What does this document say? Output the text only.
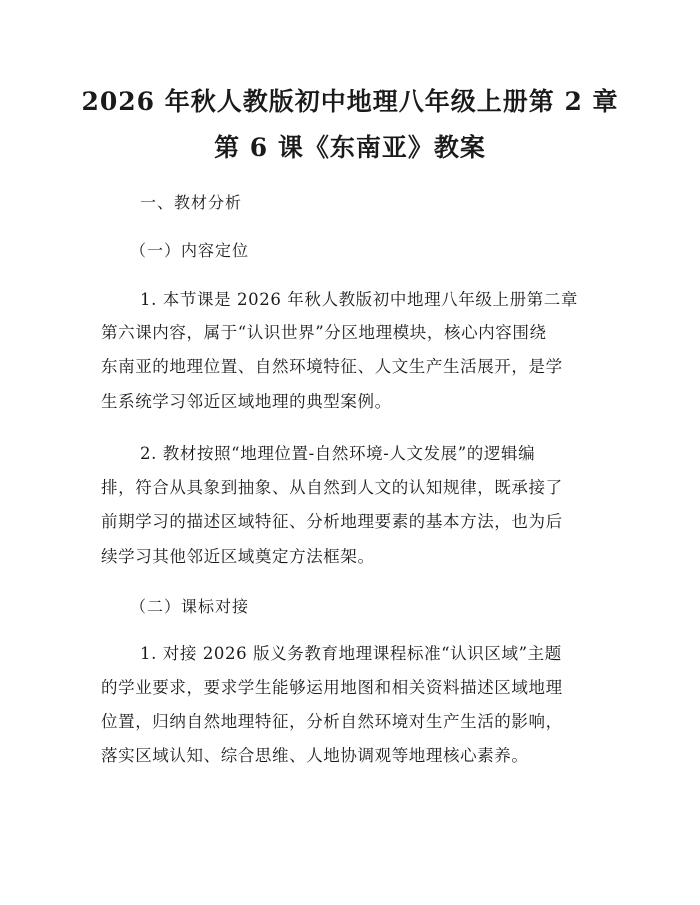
2026 年秋人教版初中地理八年级上册第 2 章
第 6 课《东南亚》教案
一、教材分析
（一）内容定位
1. 本节课是 2026 年秋人教版初中地理八年级上册第二章
第六课内容，属于“认识世界”分区地理模块，核心内容围绕
东南亚的地理位置、自然环境特征、人文生产生活展开，是学
生系统学习邻近区域地理的典型案例。
2. 教材按照“地理位置-自然环境-人文发展”的逻辑编
排，符合从具象到抽象、从自然到人文的认知规律，既承接了
前期学习的描述区域特征、分析地理要素的基本方法，也为后
续学习其他邻近区域奠定方法框架。
（二）课标对接
1. 对接 2026 版义务教育地理课程标准“认识区域”主题
的学业要求，要求学生能够运用地图和相关资料描述区域地理
位置，归纳自然地理特征，分析自然环境对生产生活的影响，
落实区域认知、综合思维、人地协调观等地理核心素养。
